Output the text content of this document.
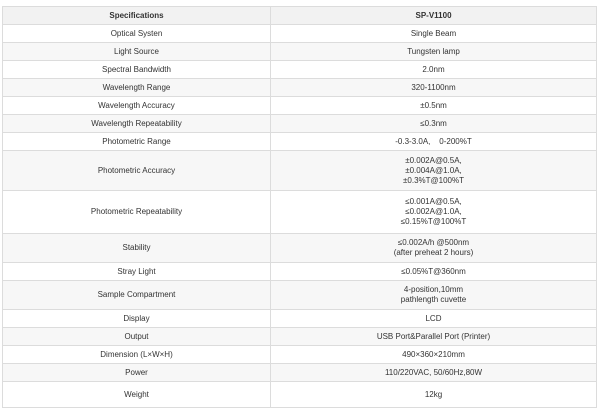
Specifications	SP-V1100
Optical Systen	Single Beam

Light Source	Tungsten lamp

Spectral Bandwidth	2.0nm

Wavelength Range	320-1100nm

Wavelength Accuracy	±0.5nm

Wavelength Repeatability	≤0.3nm

Photometric Range	-0.3-3.0A,    0-200%T

Photometric Accuracy	±0.002A@0.5A,
±0.004A@1.0A,
±0.3%T@100%T

Photometric Repeatability	≤0.001A@0.5A,
≤0.002A@1.0A,
≤0.15%T@100%T

Stability	≤0.002A/h @500nm
(after preheat 2 hours)

Stray Light	≤0.05%T@360nm

Sample Compartment	4-position,10mm
pathlength cuvette

Display	LCD

Output	USB Port&Parallel Port (Printer)

Dimension (L×W×H)	490×360×210mm

Power	110/220VAC, 50/60Hz,80W

Weight	12kg
